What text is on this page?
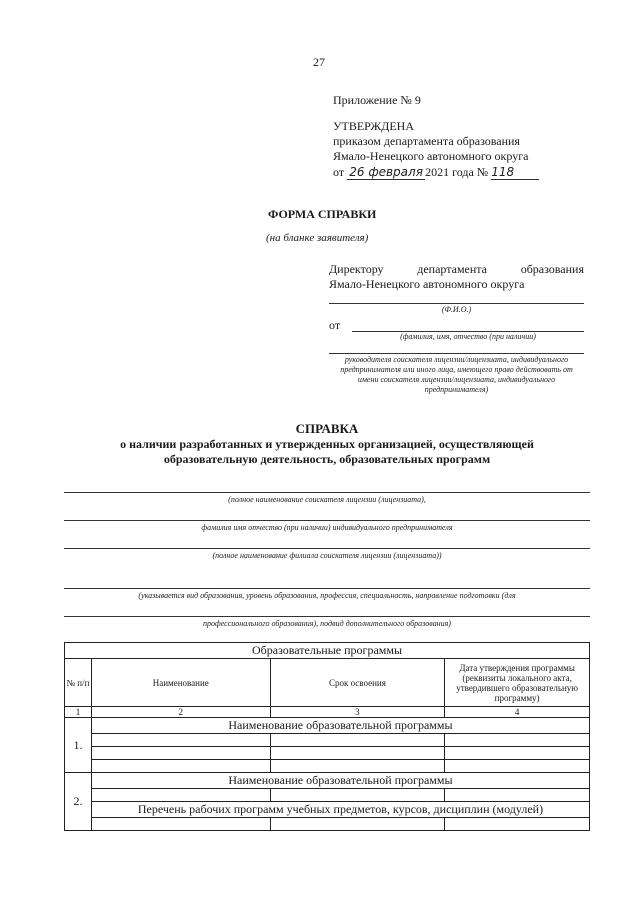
27
Приложение № 9
УТВЕРЖДЕНА
приказом департамента образования
Ямало-Ненецкого автономного округа
от 26 февраля 2021 года № 118
ФОРМА СПРАВКИ
(на бланке заявителя)
Директору департамента образования
Ямало-Ненецкого автономного округа
(Ф.И.О.)
от
(фамилия, имя, отчество (при наличии)
руководителя соискателя лицензии/лицензиата, индивидуального
предпринимателя или иного лица, имеющего право действовать от
имени соискателя лицензии/лицензиата, индивидуального
предпринимателя)
СПРАВКА
о наличии разработанных и утвержденных организацией, осуществляющей
образовательную деятельность, образовательных программ
(полное наименование соискателя лицензии (лицензиата),
фамилия имя отчество (при наличии) индивидуального предпринимателя
(полное наименование филиала соискателя лицензии (лицензиата))
(указывается вид образования, уровень образования, профессия, специальность, направление подготовки (для
профессионального образования), подвид дополнительного образования)
Образовательные программы			
№ п/п	Наименование	Срок освоения	Дата утверждения программы (реквизиты локального акта, утвердившего образовательную программу)
1	2	3	4
1.	Наименование образовательной программы		

2.	Наименование образовательной программы		

	Перечень рабочих программ учебных предметов, курсов, дисциплин (модулей)		
